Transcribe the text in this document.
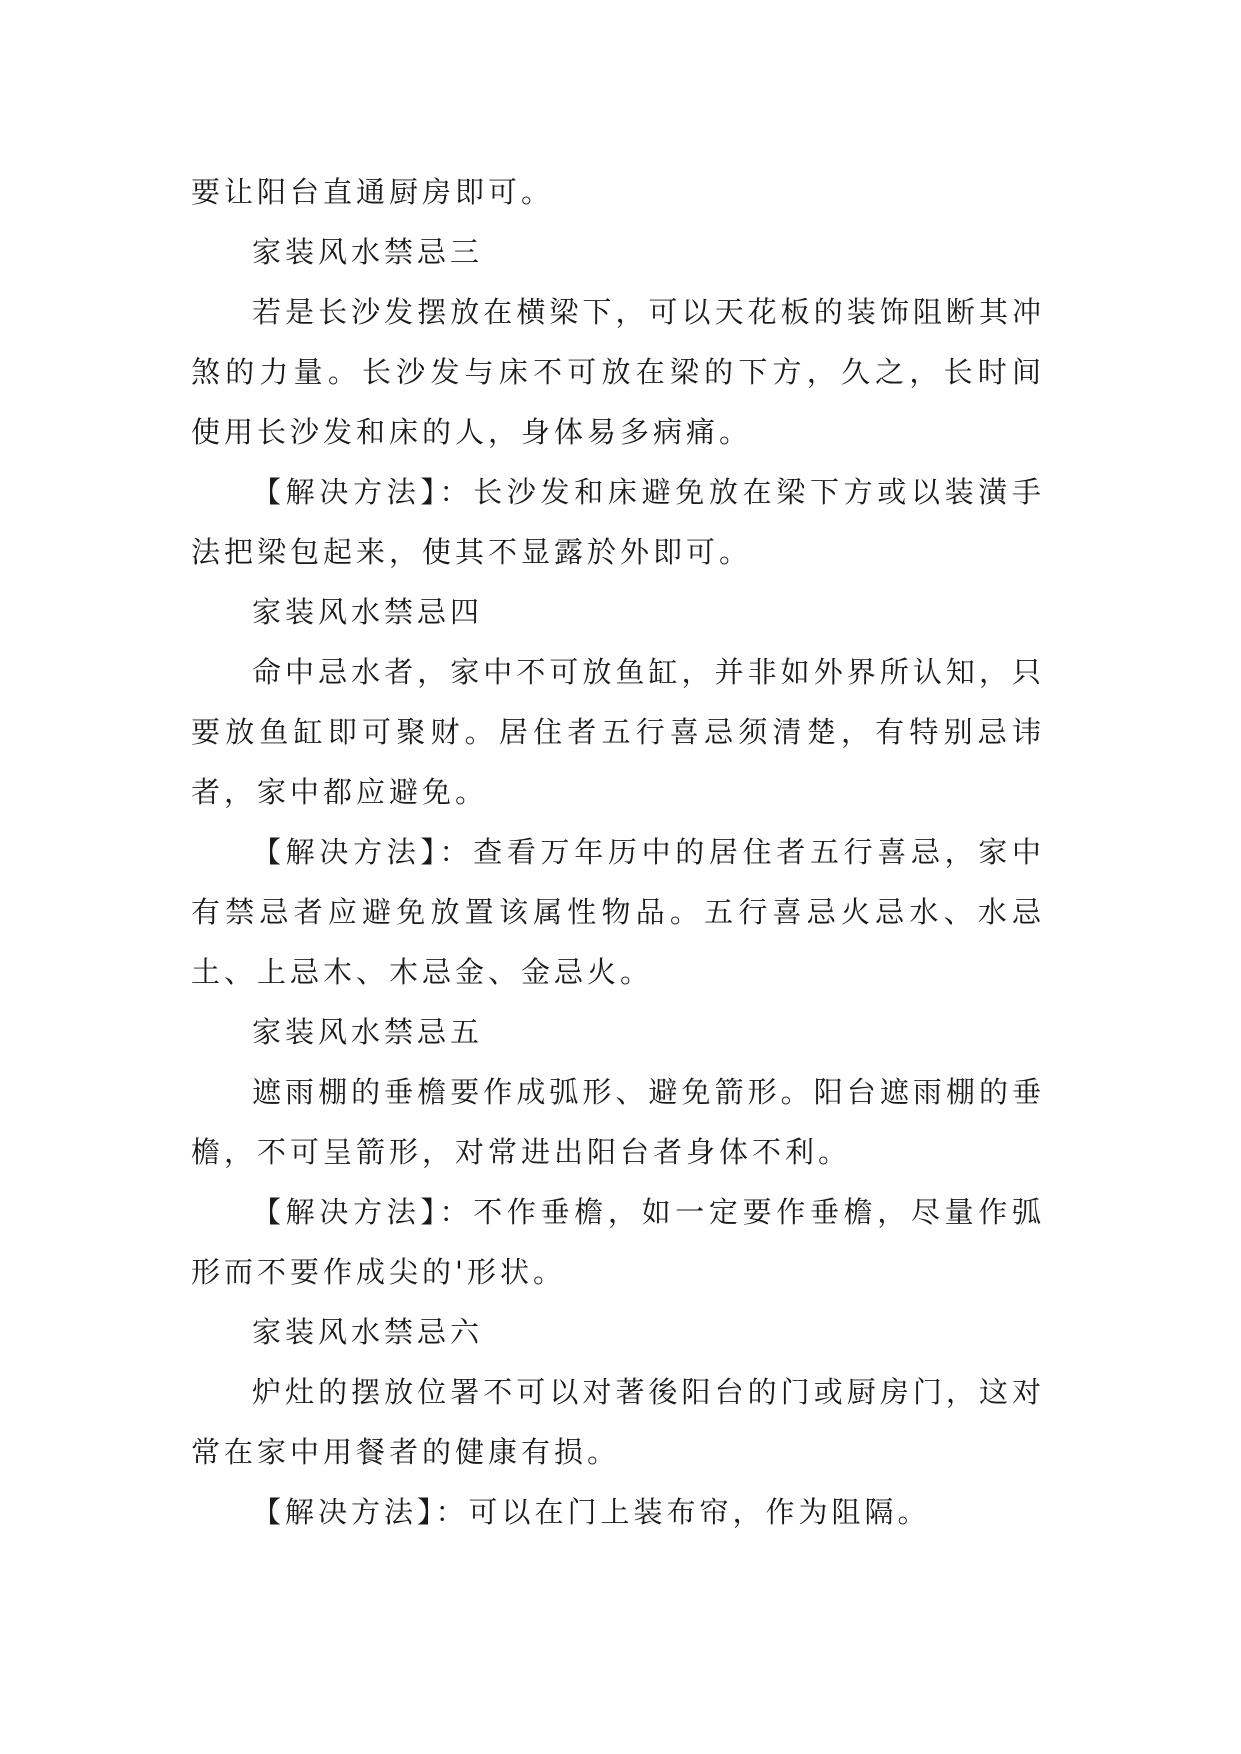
要让阳台直通厨房即可。

家装风水禁忌三

若是长沙发摆放在横梁下，可以天花板的装饰阻断其冲煞的力量。长沙发与床不可放在梁的下方，久之，长时间使用长沙发和床的人，身体易多病痛。

【解决方法】：长沙发和床避免放在梁下方或以装潢手法把梁包起来，使其不显露於外即可。

家装风水禁忌四

命中忌水者，家中不可放鱼缸，并非如外界所认知，只要放鱼缸即可聚财。居住者五行喜忌须清楚，有特别忌讳者，家中都应避免。

【解决方法】：查看万年历中的居住者五行喜忌，家中有禁忌者应避免放置该属性物品。五行喜忌火忌水、水忌土、上忌木、木忌金、金忌火。

家装风水禁忌五

遮雨棚的垂檐要作成弧形、避免箭形。阳台遮雨棚的垂檐，不可呈箭形，对常进出阳台者身体不利。

【解决方法】：不作垂檐，如一定要作垂檐，尽量作弧形而不要作成尖的'形状。

家装风水禁忌六

炉灶的摆放位署不可以对著後阳台的门或厨房门，这对常在家中用餐者的健康有损。

【解决方法】：可以在门上装布帘，作为阻隔。
